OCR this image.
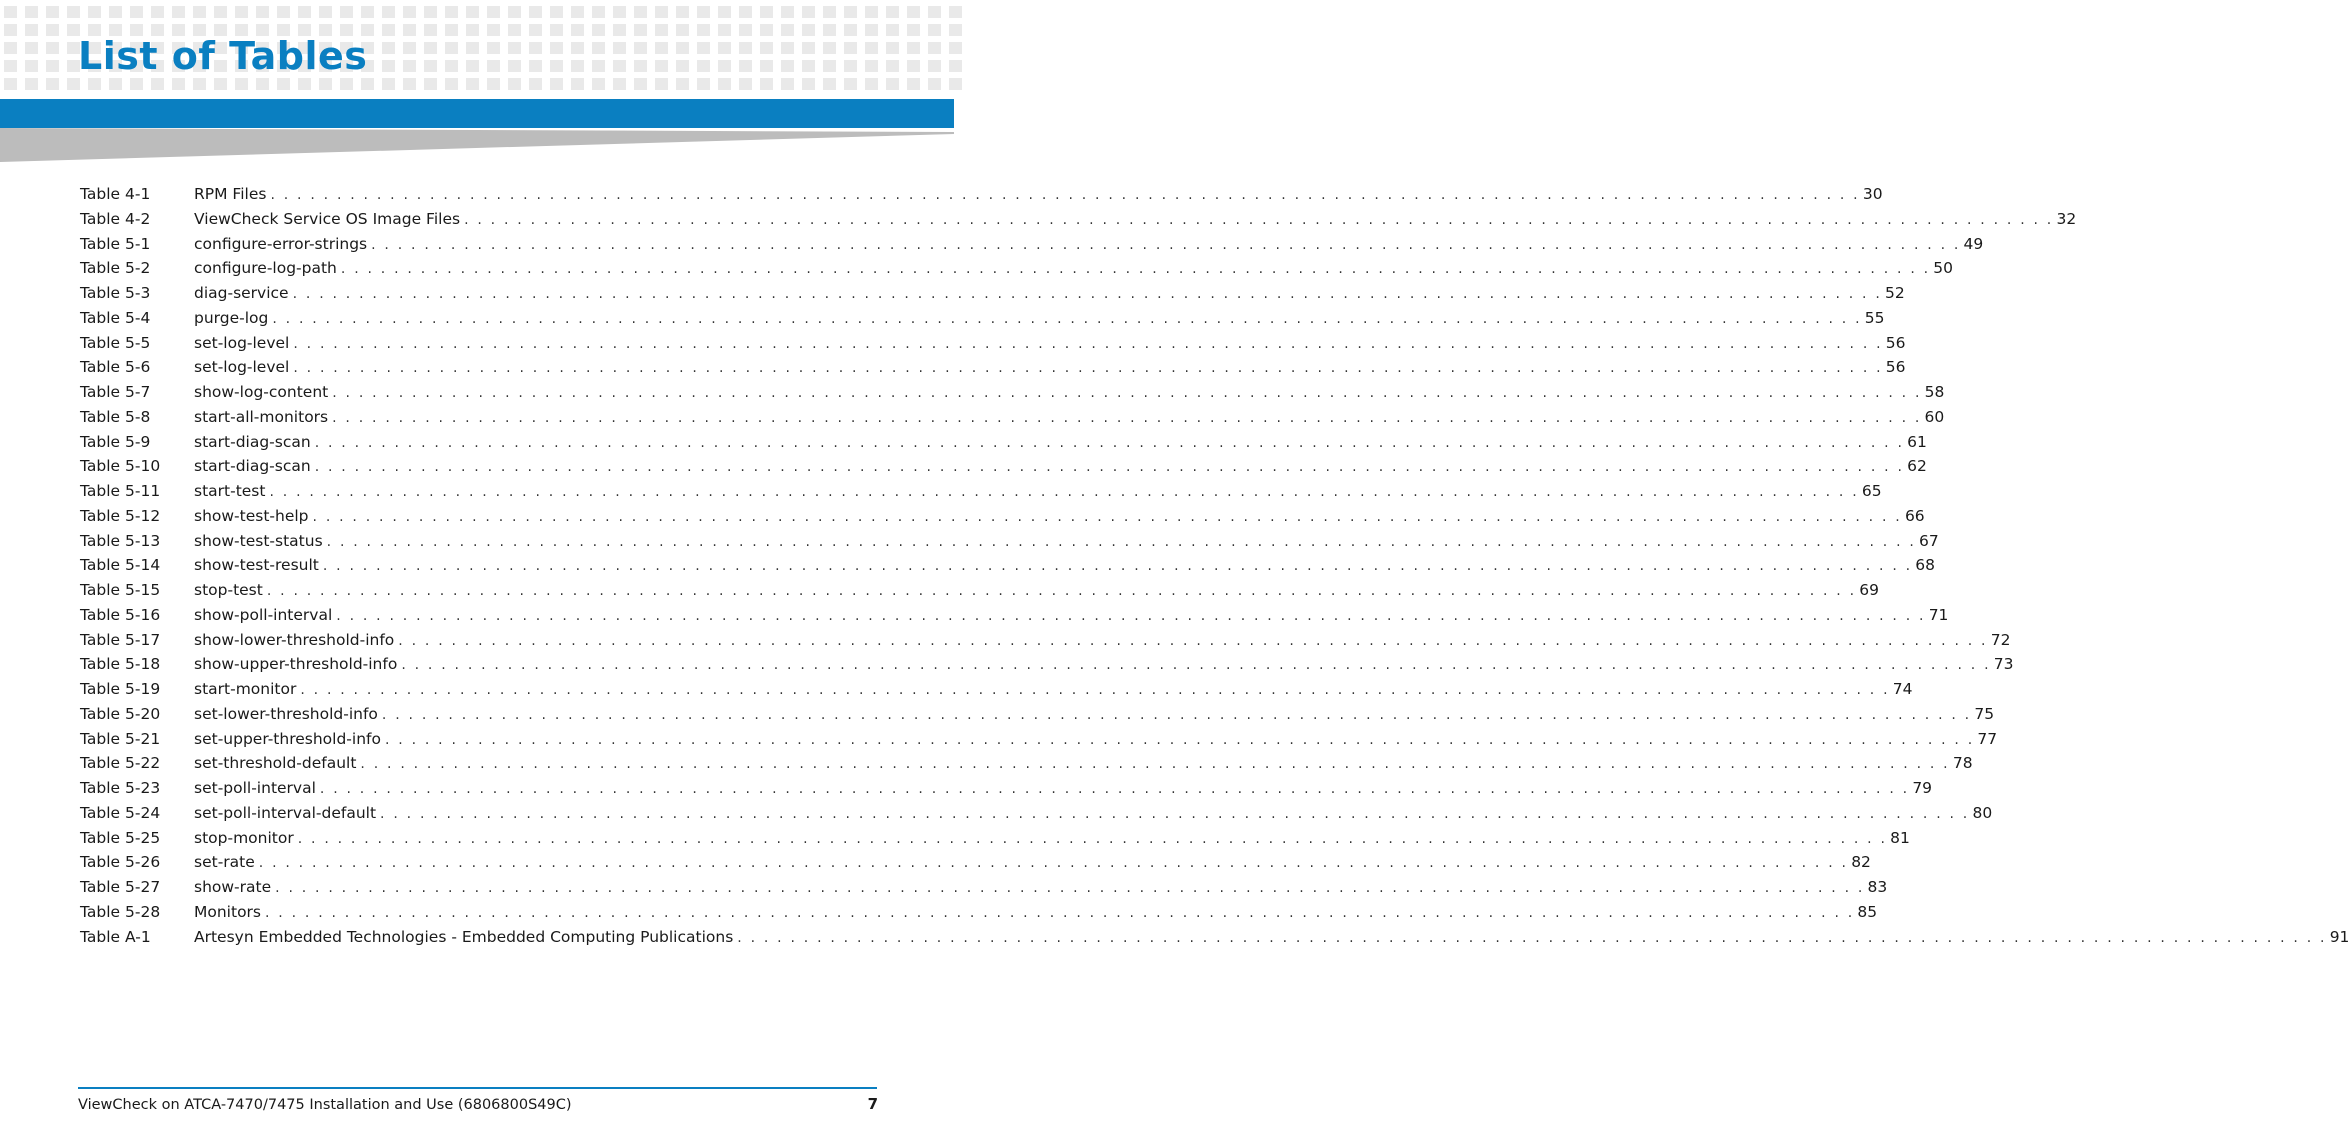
List of Tables
Table 4-1	RPM Files . . . . . . . . . . . . . . . . . . . . . . . . . . . . . . . . . . . . . . . . . . . . . . . . . . . . . . . . . . . . . . . . . . . . . . . . . . . . . . . . . . . . . . . . . . . . . . . . . . . . . . . . . . . . . . . . . . . . . . . . 30
Table 4-2	ViewCheck Service OS Image Files . . . . . . . . . . . . . . . . . . . . . . . . . . . . . . . . . . . . . . . . . . . . . . . . . . . . . . . . . . . . . . . . . . . . . . . . . . . . . . . . . . . . . . . . . . . . . . . . . . . . . . . . . . . . . . . . . . . . . . . . 32
Table 5-1	configure-error-strings . . . . . . . . . . . . . . . . . . . . . . . . . . . . . . . . . . . . . . . . . . . . . . . . . . . . . . . . . . . . . . . . . . . . . . . . . . . . . . . . . . . . . . . . . . . . . . . . . . . . . . . . . . . . . . . . . . . . . . . . 49
Table 5-2	configure-log-path . . . . . . . . . . . . . . . . . . . . . . . . . . . . . . . . . . . . . . . . . . . . . . . . . . . . . . . . . . . . . . . . . . . . . . . . . . . . . . . . . . . . . . . . . . . . . . . . . . . . . . . . . . . . . . . . . . . . . . . . 50
Table 5-3	diag-service . . . . . . . . . . . . . . . . . . . . . . . . . . . . . . . . . . . . . . . . . . . . . . . . . . . . . . . . . . . . . . . . . . . . . . . . . . . . . . . . . . . . . . . . . . . . . . . . . . . . . . . . . . . . . . . . . . . . . . . . 52
Table 5-4	purge-log . . . . . . . . . . . . . . . . . . . . . . . . . . . . . . . . . . . . . . . . . . . . . . . . . . . . . . . . . . . . . . . . . . . . . . . . . . . . . . . . . . . . . . . . . . . . . . . . . . . . . . . . . . . . . . . . . . . . . . . . 55
Table 5-5	set-log-level . . . . . . . . . . . . . . . . . . . . . . . . . . . . . . . . . . . . . . . . . . . . . . . . . . . . . . . . . . . . . . . . . . . . . . . . . . . . . . . . . . . . . . . . . . . . . . . . . . . . . . . . . . . . . . . . . . . . . . . . 56
Table 5-6	set-log-level . . . . . . . . . . . . . . . . . . . . . . . . . . . . . . . . . . . . . . . . . . . . . . . . . . . . . . . . . . . . . . . . . . . . . . . . . . . . . . . . . . . . . . . . . . . . . . . . . . . . . . . . . . . . . . . . . . . . . . . . 56
Table 5-7	show-log-content . . . . . . . . . . . . . . . . . . . . . . . . . . . . . . . . . . . . . . . . . . . . . . . . . . . . . . . . . . . . . . . . . . . . . . . . . . . . . . . . . . . . . . . . . . . . . . . . . . . . . . . . . . . . . . . . . . . . . . . . 58
Table 5-8	start-all-monitors . . . . . . . . . . . . . . . . . . . . . . . . . . . . . . . . . . . . . . . . . . . . . . . . . . . . . . . . . . . . . . . . . . . . . . . . . . . . . . . . . . . . . . . . . . . . . . . . . . . . . . . . . . . . . . . . . . . . . . . . 60
Table 5-9	start-diag-scan . . . . . . . . . . . . . . . . . . . . . . . . . . . . . . . . . . . . . . . . . . . . . . . . . . . . . . . . . . . . . . . . . . . . . . . . . . . . . . . . . . . . . . . . . . . . . . . . . . . . . . . . . . . . . . . . . . . . . . . . 61
Table 5-10	start-diag-scan . . . . . . . . . . . . . . . . . . . . . . . . . . . . . . . . . . . . . . . . . . . . . . . . . . . . . . . . . . . . . . . . . . . . . . . . . . . . . . . . . . . . . . . . . . . . . . . . . . . . . . . . . . . . . . . . . . . . . . . . 62
Table 5-11	start-test . . . . . . . . . . . . . . . . . . . . . . . . . . . . . . . . . . . . . . . . . . . . . . . . . . . . . . . . . . . . . . . . . . . . . . . . . . . . . . . . . . . . . . . . . . . . . . . . . . . . . . . . . . . . . . . . . . . . . . . . 65
Table 5-12	show-test-help . . . . . . . . . . . . . . . . . . . . . . . . . . . . . . . . . . . . . . . . . . . . . . . . . . . . . . . . . . . . . . . . . . . . . . . . . . . . . . . . . . . . . . . . . . . . . . . . . . . . . . . . . . . . . . . . . . . . . . . . 66
Table 5-13	show-test-status . . . . . . . . . . . . . . . . . . . . . . . . . . . . . . . . . . . . . . . . . . . . . . . . . . . . . . . . . . . . . . . . . . . . . . . . . . . . . . . . . . . . . . . . . . . . . . . . . . . . . . . . . . . . . . . . . . . . . . . . 67
Table 5-14	show-test-result . . . . . . . . . . . . . . . . . . . . . . . . . . . . . . . . . . . . . . . . . . . . . . . . . . . . . . . . . . . . . . . . . . . . . . . . . . . . . . . . . . . . . . . . . . . . . . . . . . . . . . . . . . . . . . . . . . . . . . . . 68
Table 5-15	stop-test . . . . . . . . . . . . . . . . . . . . . . . . . . . . . . . . . . . . . . . . . . . . . . . . . . . . . . . . . . . . . . . . . . . . . . . . . . . . . . . . . . . . . . . . . . . . . . . . . . . . . . . . . . . . . . . . . . . . . . . . 69
Table 5-16	show-poll-interval . . . . . . . . . . . . . . . . . . . . . . . . . . . . . . . . . . . . . . . . . . . . . . . . . . . . . . . . . . . . . . . . . . . . . . . . . . . . . . . . . . . . . . . . . . . . . . . . . . . . . . . . . . . . . . . . . . . . . . . . 71
Table 5-17	show-lower-threshold-info . . . . . . . . . . . . . . . . . . . . . . . . . . . . . . . . . . . . . . . . . . . . . . . . . . . . . . . . . . . . . . . . . . . . . . . . . . . . . . . . . . . . . . . . . . . . . . . . . . . . . . . . . . . . . . . . . . . . . . . . 72
Table 5-18	show-upper-threshold-info . . . . . . . . . . . . . . . . . . . . . . . . . . . . . . . . . . . . . . . . . . . . . . . . . . . . . . . . . . . . . . . . . . . . . . . . . . . . . . . . . . . . . . . . . . . . . . . . . . . . . . . . . . . . . . . . . . . . . . . . 73
Table 5-19	start-monitor . . . . . . . . . . . . . . . . . . . . . . . . . . . . . . . . . . . . . . . . . . . . . . . . . . . . . . . . . . . . . . . . . . . . . . . . . . . . . . . . . . . . . . . . . . . . . . . . . . . . . . . . . . . . . . . . . . . . . . . . 74
Table 5-20	set-lower-threshold-info . . . . . . . . . . . . . . . . . . . . . . . . . . . . . . . . . . . . . . . . . . . . . . . . . . . . . . . . . . . . . . . . . . . . . . . . . . . . . . . . . . . . . . . . . . . . . . . . . . . . . . . . . . . . . . . . . . . . . . . . 75
Table 5-21	set-upper-threshold-info . . . . . . . . . . . . . . . . . . . . . . . . . . . . . . . . . . . . . . . . . . . . . . . . . . . . . . . . . . . . . . . . . . . . . . . . . . . . . . . . . . . . . . . . . . . . . . . . . . . . . . . . . . . . . . . . . . . . . . . . 77
Table 5-22	set-threshold-default . . . . . . . . . . . . . . . . . . . . . . . . . . . . . . . . . . . . . . . . . . . . . . . . . . . . . . . . . . . . . . . . . . . . . . . . . . . . . . . . . . . . . . . . . . . . . . . . . . . . . . . . . . . . . . . . . . . . . . . . 78
Table 5-23	set-poll-interval . . . . . . . . . . . . . . . . . . . . . . . . . . . . . . . . . . . . . . . . . . . . . . . . . . . . . . . . . . . . . . . . . . . . . . . . . . . . . . . . . . . . . . . . . . . . . . . . . . . . . . . . . . . . . . . . . . . . . . . . 79
Table 5-24	set-poll-interval-default . . . . . . . . . . . . . . . . . . . . . . . . . . . . . . . . . . . . . . . . . . . . . . . . . . . . . . . . . . . . . . . . . . . . . . . . . . . . . . . . . . . . . . . . . . . . . . . . . . . . . . . . . . . . . . . . . . . . . . . . 80
Table 5-25	stop-monitor . . . . . . . . . . . . . . . . . . . . . . . . . . . . . . . . . . . . . . . . . . . . . . . . . . . . . . . . . . . . . . . . . . . . . . . . . . . . . . . . . . . . . . . . . . . . . . . . . . . . . . . . . . . . . . . . . . . . . . . . 81
Table 5-26	set-rate . . . . . . . . . . . . . . . . . . . . . . . . . . . . . . . . . . . . . . . . . . . . . . . . . . . . . . . . . . . . . . . . . . . . . . . . . . . . . . . . . . . . . . . . . . . . . . . . . . . . . . . . . . . . . . . . . . . . . . . . 82
Table 5-27	show-rate . . . . . . . . . . . . . . . . . . . . . . . . . . . . . . . . . . . . . . . . . . . . . . . . . . . . . . . . . . . . . . . . . . . . . . . . . . . . . . . . . . . . . . . . . . . . . . . . . . . . . . . . . . . . . . . . . . . . . . . . 83
Table 5-28	Monitors . . . . . . . . . . . . . . . . . . . . . . . . . . . . . . . . . . . . . . . . . . . . . . . . . . . . . . . . . . . . . . . . . . . . . . . . . . . . . . . . . . . . . . . . . . . . . . . . . . . . . . . . . . . . . . . . . . . . . . . . 85
Table A-1	Artesyn Embedded Technologies - Embedded Computing Publications . . . . . . . . . . . . . . . . . . . . . . . . . . . . . . . . . . . . . . . . . . . . . . . . . . . . . . . . . . . . . . . . . . . . . . . . . . . . . . . . . . . . . . . . . . . . . . . . . . . . . . . . . . . . . . . . . . . . . . . . 91
ViewCheck on ATCA-7470/7475 Installation and Use (6806800S49C)	7
